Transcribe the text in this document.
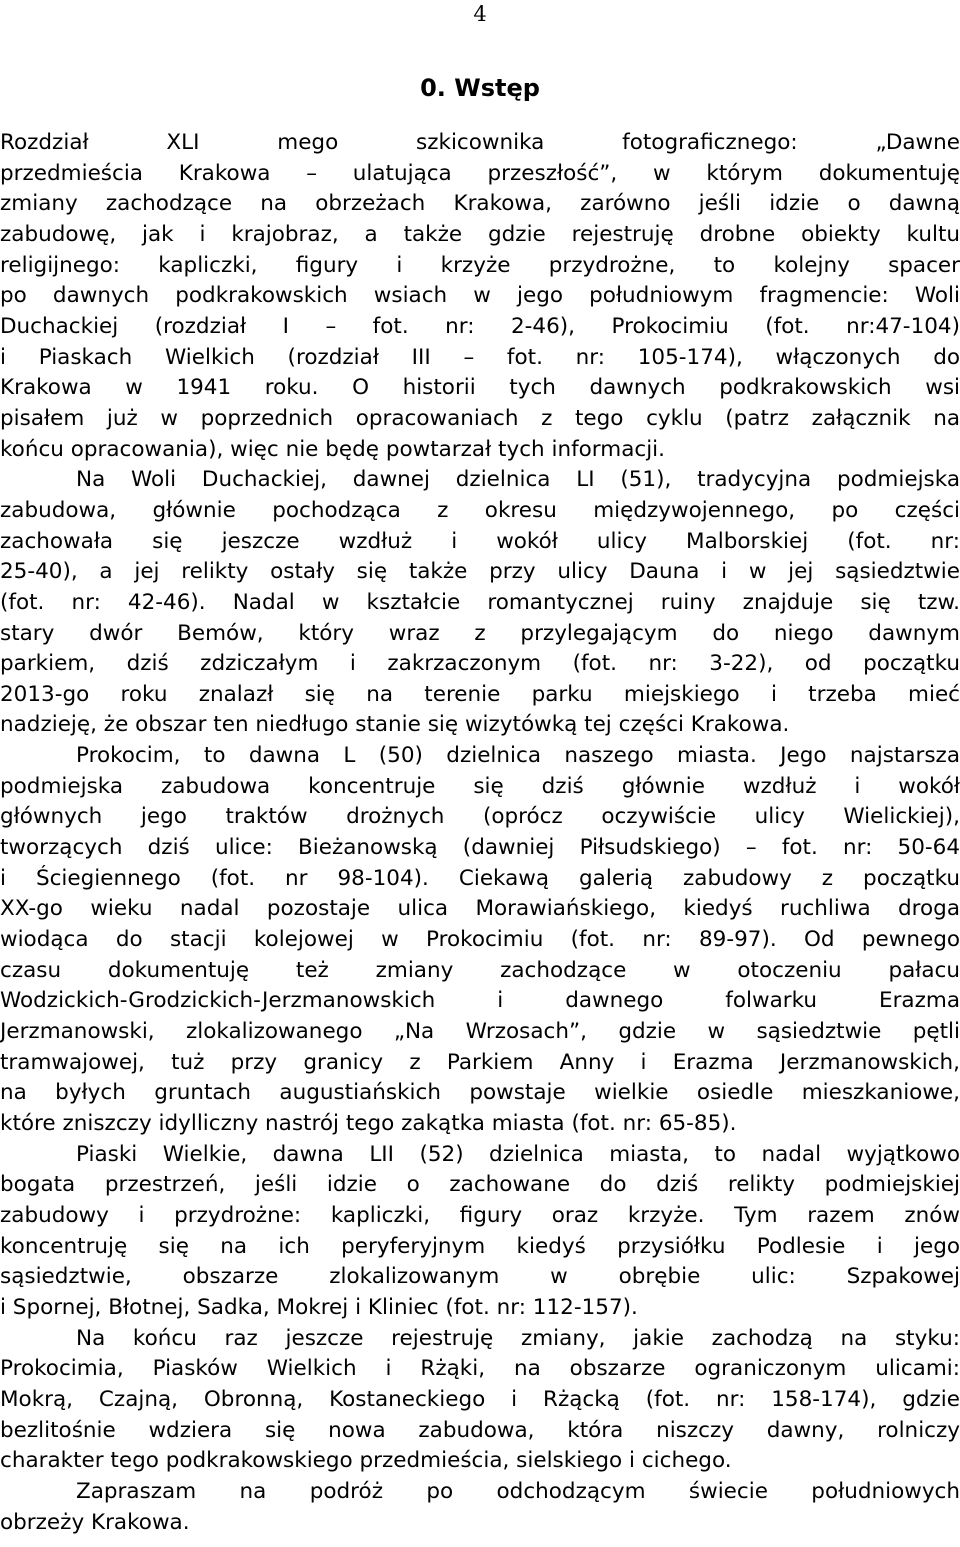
4
0. Wstęp
Rozdział XLI mego szkicownika fotograficznego: „Dawne
przedmieścia Krakowa – ulatująca przeszłość”, w którym dokumentuję
zmiany zachodzące na obrzeżach Krakowa, zarówno jeśli idzie o dawną
zabudowę, jak i krajobraz, a także gdzie rejestruję drobne obiekty kultu
religijnego: kapliczki, figury i krzyże przydrożne, to kolejny spacer
po dawnych podkrakowskich wsiach w jego południowym fragmencie: Woli
Duchackiej (rozdział I – fot. nr: 2-46), Prokocimiu (fot. nr:47-104)
i Piaskach Wielkich (rozdział III – fot. nr: 105-174), włączonych do
Krakowa w 1941 roku. O historii tych dawnych podkrakowskich wsi
pisałem już w poprzednich opracowaniach z tego cyklu (patrz załącznik na
końcu opracowania), więc nie będę powtarzał tych informacji.
Na Woli Duchackiej, dawnej dzielnica LI (51), tradycyjna podmiejska
zabudowa, głównie pochodząca z okresu międzywojennego, po części
zachowała się jeszcze wzdłuż i wokół ulicy Malborskiej (fot. nr:
25-40), a jej relikty ostały się także przy ulicy Dauna i w jej sąsiedztwie
(fot. nr: 42-46). Nadal w kształcie romantycznej ruiny znajduje się tzw.
stary dwór Bemów, który wraz z przylegającym do niego dawnym
parkiem, dziś zdziczałym i zakrzaczonym (fot. nr: 3-22), od początku
2013-go roku znalazł się na terenie parku miejskiego i trzeba mieć
nadzieję, że obszar ten niedługo stanie się wizytówką tej części Krakowa.
Prokocim, to dawna L (50) dzielnica naszego miasta. Jego najstarsza
podmiejska zabudowa koncentruje się dziś głównie wzdłuż i wokół
głównych jego traktów drożnych (oprócz oczywiście ulicy Wielickiej),
tworzących dziś ulice: Bieżanowską (dawniej Piłsudskiego) – fot. nr: 50-64
i Ściegiennego (fot. nr 98-104). Ciekawą galerią zabudowy z początku
XX-go wieku nadal pozostaje ulica Morawiańskiego, kiedyś ruchliwa droga
wiodąca do stacji kolejowej w Prokocimiu (fot. nr: 89-97). Od pewnego
czasu dokumentuję też zmiany zachodzące w otoczeniu pałacu
Wodzickich-Grodzickich-Jerzmanowskich i dawnego folwarku Erazma
Jerzmanowski, zlokalizowanego „Na Wrzosach”, gdzie w sąsiedztwie pętli
tramwajowej, tuż przy granicy z Parkiem Anny i Erazma Jerzmanowskich,
na byłych gruntach augustiańskich powstaje wielkie osiedle mieszkaniowe,
które zniszczy idylliczny nastrój tego zakątka miasta (fot. nr: 65-85).
Piaski Wielkie, dawna LII (52) dzielnica miasta, to nadal wyjątkowo
bogata przestrzeń, jeśli idzie o zachowane do dziś relikty podmiejskiej
zabudowy i przydrożne: kapliczki, figury oraz krzyże. Tym razem znów
koncentruję się na ich peryferyjnym kiedyś przysiółku Podlesie i jego
sąsiedztwie, obszarze zlokalizowanym w obrębie ulic: Szpakowej
i Spornej, Błotnej, Sadka, Mokrej i Kliniec (fot. nr: 112-157).
Na końcu raz jeszcze rejestruję zmiany, jakie zachodzą na styku:
Prokocimia, Piasków Wielkich i Rżąki, na obszarze ograniczonym ulicami:
Mokrą, Czajną, Obronną, Kostaneckiego i Rżącką (fot. nr: 158-174), gdzie
bezlitośnie wdziera się nowa zabudowa, która niszczy dawny, rolniczy
charakter tego podkrakowskiego przedmieścia, sielskiego i cichego.
Zapraszam na podróż po odchodzącym świecie południowych
obrzeży Krakowa.
